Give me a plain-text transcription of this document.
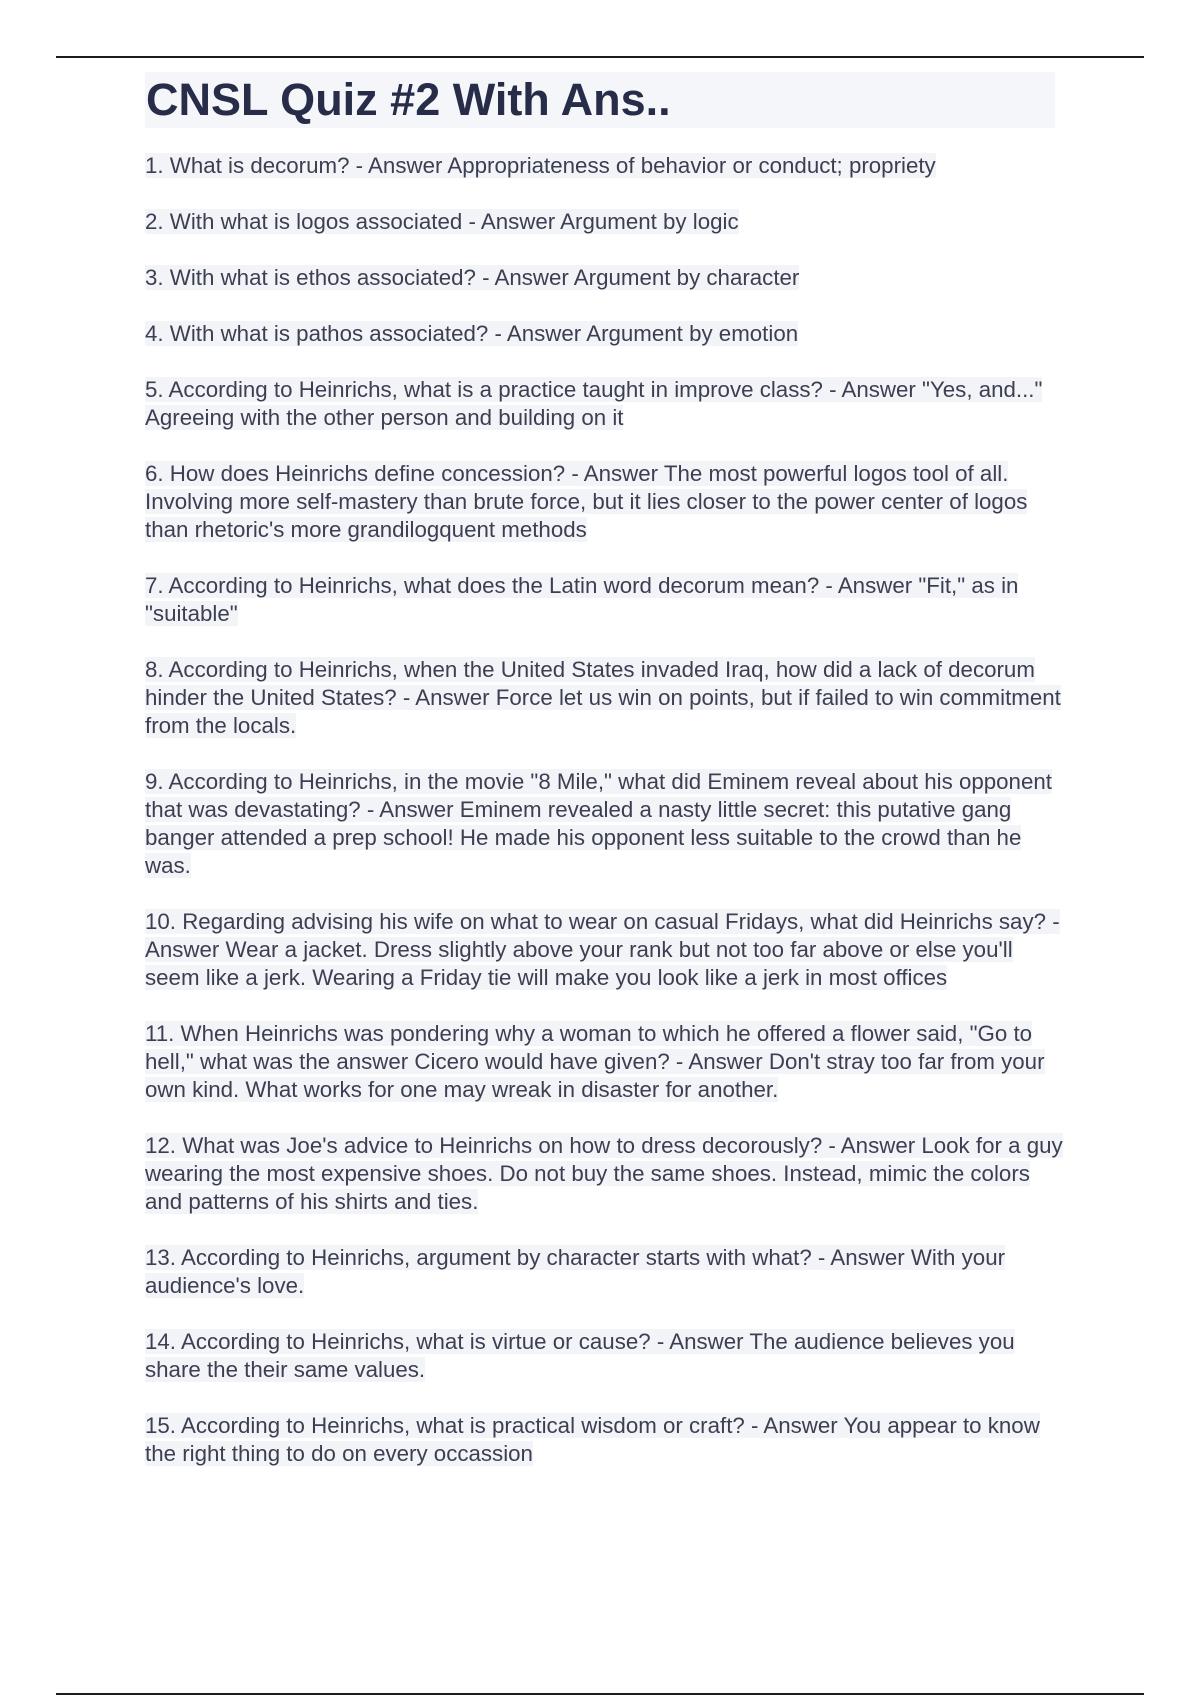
CNSL Quiz #2 With Ans..
1. What is decorum? - Answer Appropriateness of behavior or conduct; propriety
2. With what is logos associated - Answer Argument by logic
3. With what is ethos associated? - Answer Argument by character
4. With what is pathos associated? - Answer Argument by emotion
5. According to Heinrichs, what is a practice taught in improve class? - Answer "Yes, and..." Agreeing with the other person and building on it
6. How does Heinrichs define concession? - Answer The most powerful logos tool of all. Involving more self-mastery than brute force, but it lies closer to the power center of logos than rhetoric's more grandilogquent methods
7. According to Heinrichs, what does the Latin word decorum mean? - Answer "Fit," as in "suitable"
8. According to Heinrichs, when the United States invaded Iraq, how did a lack of decorum hinder the United States? - Answer Force let us win on points, but if failed to win commitment from the locals.
9. According to Heinrichs, in the movie "8 Mile," what did Eminem reveal about his opponent that was devastating? - Answer Eminem revealed a nasty little secret: this putative gang banger attended a prep school! He made his opponent less suitable to the crowd than he was.
10. Regarding advising his wife on what to wear on casual Fridays, what did Heinrichs say? - Answer Wear a jacket. Dress slightly above your rank but not too far above or else you'll seem like a jerk. Wearing a Friday tie will make you look like a jerk in most offices
11. When Heinrichs was pondering why a woman to which he offered a flower said, "Go to hell," what was the answer Cicero would have given? - Answer Don't stray too far from your own kind. What works for one may wreak in disaster for another.
12. What was Joe's advice to Heinrichs on how to dress decorously? - Answer Look for a guy wearing the most expensive shoes. Do not buy the same shoes. Instead, mimic the colors and patterns of his shirts and ties.
13. According to Heinrichs, argument by character starts with what? - Answer With your audience's love.
14. According to Heinrichs, what is virtue or cause? - Answer The audience believes you share the their same values.
15. According to Heinrichs, what is practical wisdom or craft? - Answer You appear to know the right thing to do on every occassion
